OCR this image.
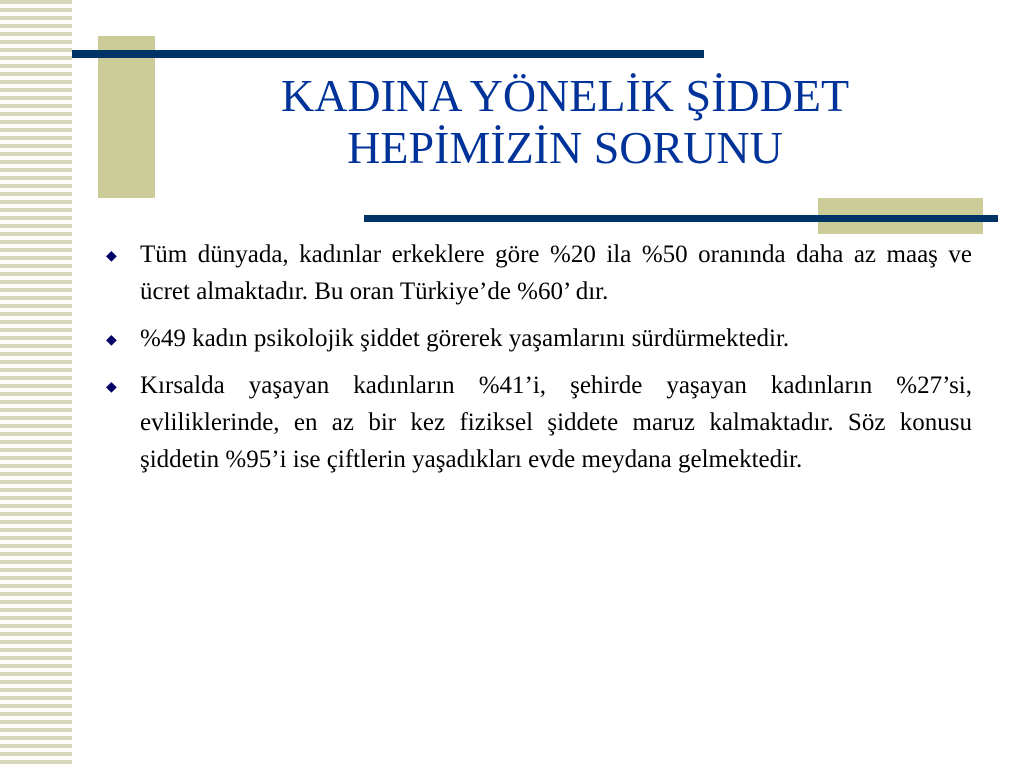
KADINA YÖNELİK ŞİDDET
HEPİMİZİN SORUNU
◆ Tüm dünyada, kadınlar erkeklere göre %20 ila %50 oranında daha az maaş ve ücret almaktadır. Bu oran Türkiye’de %60’ dır.
◆ %49 kadın psikolojik şiddet görerek yaşamlarını sürdürmektedir.
◆ Kırsalda yaşayan kadınların %41’i, şehirde yaşayan kadınların %27’si, evliliklerinde, en az bir kez fiziksel şiddete maruz kalmaktadır. Söz konusu şiddetin %95’i ise çiftlerin yaşadıkları evde meydana gelmektedir.
